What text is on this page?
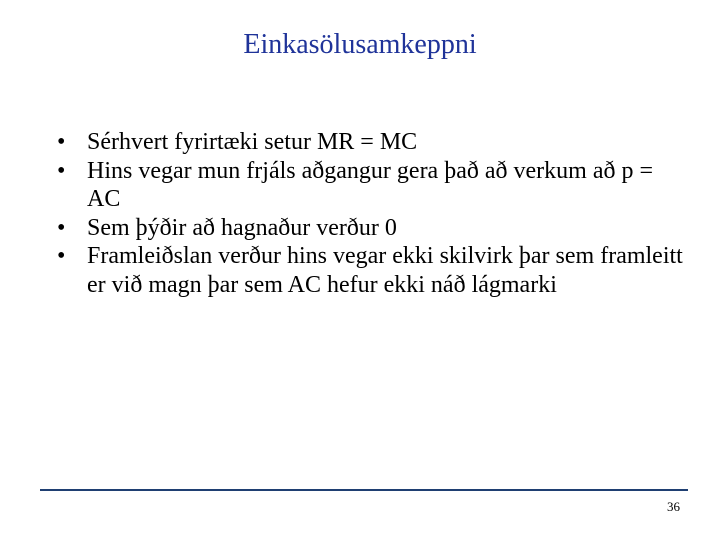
Einkasölusamkeppni
• Sérhvert fyrirtæki setur MR = MC
• Hins vegar mun frjáls aðgangur gera það að verkum að p = AC
• Sem þýðir að hagnaður verður 0
• Framleiðslan verður hins vegar ekki skilvirk þar sem framleitt er við magn þar sem AC hefur ekki náð lágmarki
36
